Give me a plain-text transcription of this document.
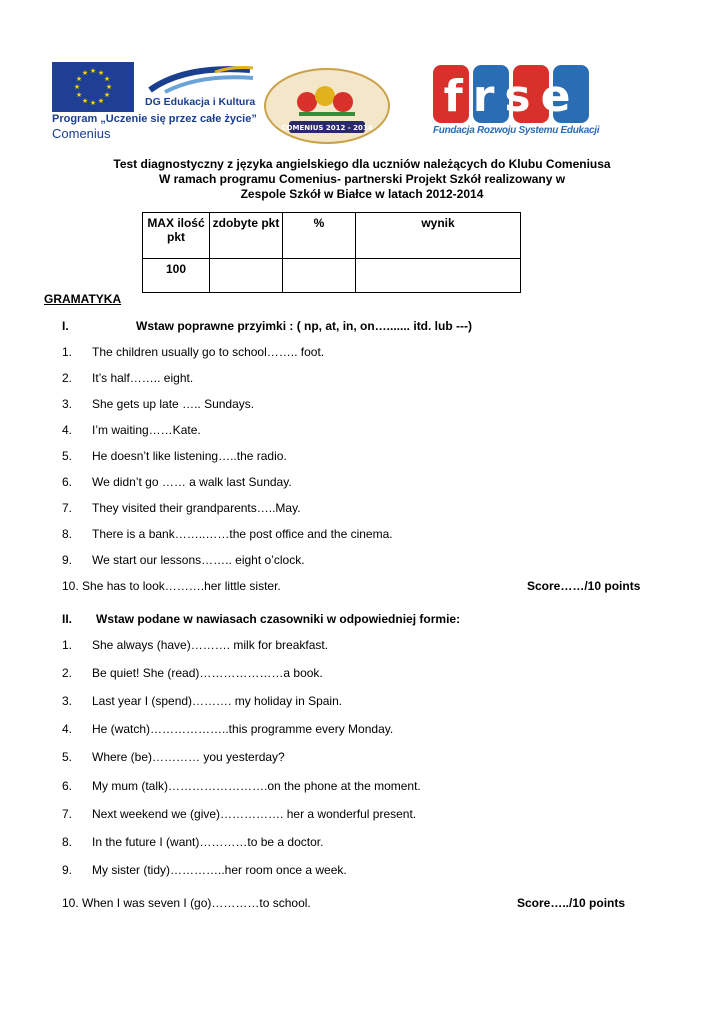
★ ★
★
★
★
★
★
★
★
★
★
★
DG Edukacja i Kultura
Program „Uczenie się przez całe życie”
Comenius	COMENIUS 2012 - 2014
frse
Fundacja Rozwoju Systemu Edukacji
Test diagnostyczny z języka angielskiego dla uczniów należących do Klubu Comeniusa
W ramach programu Comenius- partnerski Projekt Szkół realizowany w
Zespole Szkół w Białce w latach 2012-2014
MAX ilość pkt	zdobyte pkt	%	wynik
100			
GRAMATYKA
I.	Wstaw poprawne przyimki : ( np, at, in, on…....... itd. lub ---)
1. The children usually go to school…….. foot.
2. It’s half…….. eight.
3. She gets up late ….. Sundays.
4. I’m waiting……Kate.
5. He doesn’t like listening…..the radio.
6. We didn’t go …… a walk last Sunday.
7. They visited their grandparents…..May.
8. There is a bank……..……the post office and the cinema.
9. We start our lessons…….. eight o’clock.
10. She has to look……….her little sister.	Score……/10 points
II. Wstaw podane w nawiasach czasowniki w odpowiedniej formie:
1. She always (have)………. milk for breakfast.
2. Be quiet! She (read)…………………a book.
3. Last year I (spend)………. my holiday in Spain.
4. He (watch)………………..this programme every Monday.
5. Where (be)………… you yesterday?
6. My mum (talk)…………………….on the phone at the moment.
7. Next weekend we (give)……………. her a wonderful present.
8. In the future I (want)…………to be a doctor.
9. My sister (tidy)…………..her room once a week.
10. When I was seven I (go)…………to school.	Score…../10 points
